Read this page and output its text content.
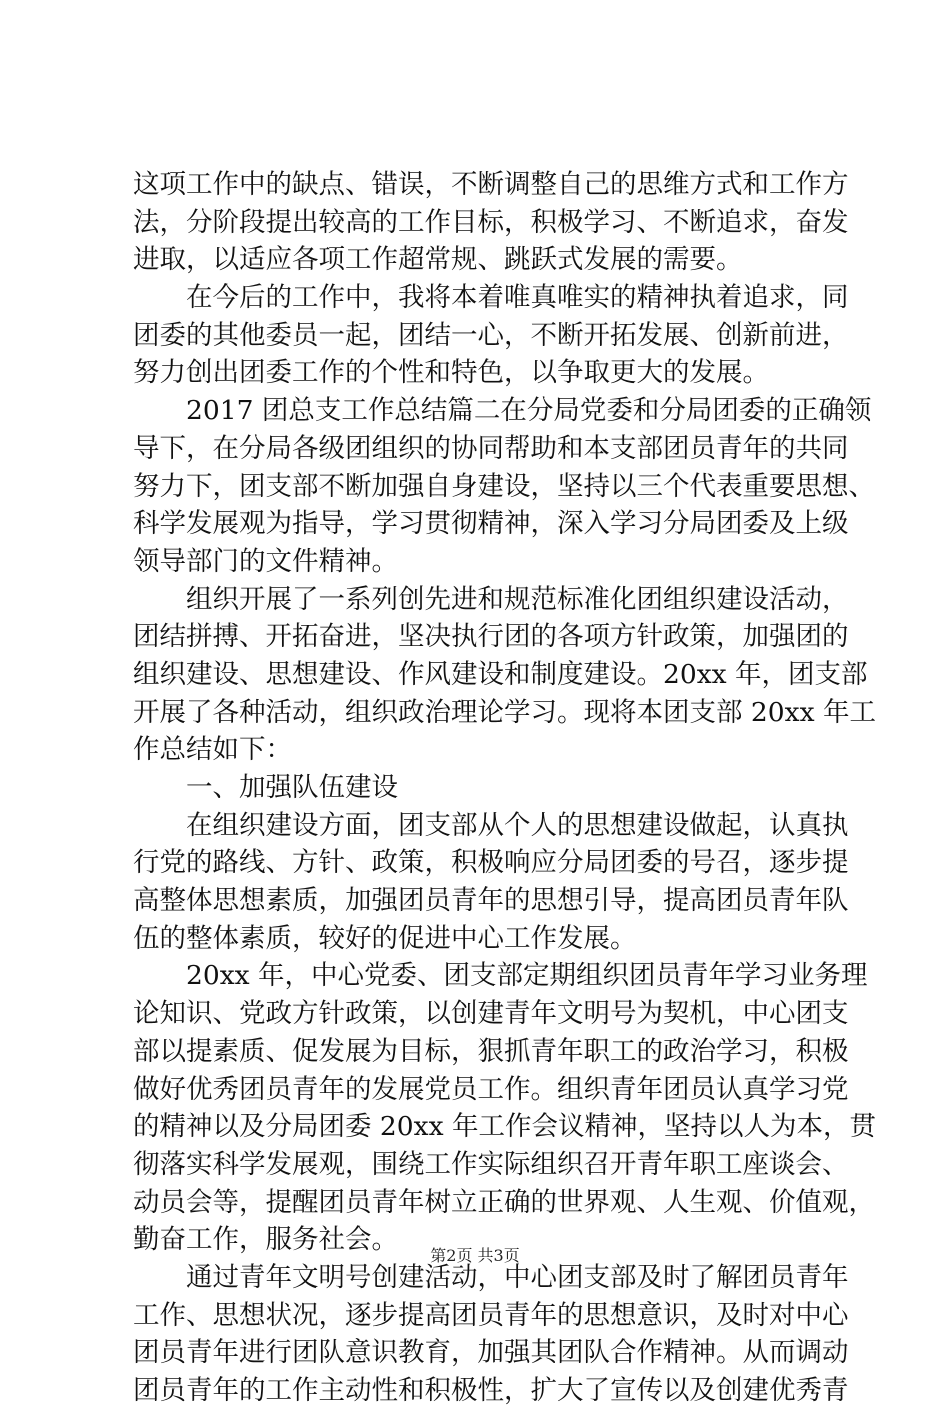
这项工作中的缺点、错误，不断调整自己的思维方式和工作方
法，分阶段提出较高的工作目标，积极学习、不断追求，奋发
进取，以适应各项工作超常规、跳跃式发展的需要。
在今后的工作中，我将本着唯真唯实的精神执着追求，同
团委的其他委员一起，团结一心，不断开拓发展、创新前进，
努力创出团委工作的个性和特色，以争取更大的发展。
2017 团总支工作总结篇二在分局党委和分局团委的正确领
导下，在分局各级团组织的协同帮助和本支部团员青年的共同
努力下，团支部不断加强自身建设，坚持以三个代表重要思想、
科学发展观为指导，学习贯彻精神，深入学习分局团委及上级
领导部门的文件精神。
组织开展了一系列创先进和规范标准化团组织建设活动，
团结拼搏、开拓奋进，坚决执行团的各项方针政策，加强团的
组织建设、思想建设、作风建设和制度建设。20xx 年，团支部
开展了各种活动，组织政治理论学习。现将本团支部 20xx 年工
作总结如下：
一、加强队伍建设
在组织建设方面，团支部从个人的思想建设做起，认真执
行党的路线、方针、政策，积极响应分局团委的号召，逐步提
高整体思想素质，加强团员青年的思想引导，提高团员青年队
伍的整体素质，较好的促进中心工作发展。
20xx 年，中心党委、团支部定期组织团员青年学习业务理
论知识、党政方针政策，以创建青年文明号为契机，中心团支
部以提素质、促发展为目标，狠抓青年职工的政治学习，积极
做好优秀团员青年的发展党员工作。组织青年团员认真学习党
的精神以及分局团委 20xx 年工作会议精神，坚持以人为本，贯
彻落实科学发展观，围绕工作实际组织召开青年职工座谈会、
动员会等，提醒团员青年树立正确的世界观、人生观、价值观，
勤奋工作，服务社会。
通过青年文明号创建活动，中心团支部及时了解团员青年
工作、思想状况，逐步提高团员青年的思想意识，及时对中心
团员青年进行团队意识教育，加强其团队合作精神。从而调动
团员青年的工作主动性和积极性，扩大了宣传以及创建优秀青
第2页 共3页
